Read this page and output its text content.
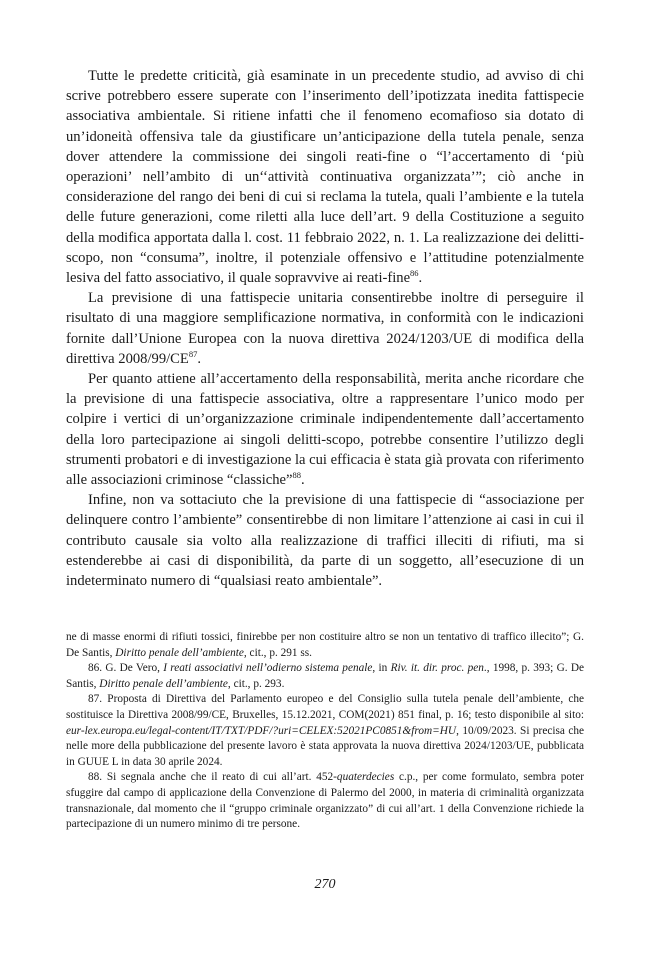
Tutte le predette criticità, già esaminate in un precedente studio, ad avviso di chi scrive potrebbero essere superate con l’inserimento dell’ipotizzata inedita fattispecie associativa ambientale. Si ritiene infatti che il fenomeno ecomafioso sia dotato di un’idoneità offensiva tale da giustificare un’anticipazione della tutela penale, senza dover attendere la commissione dei singoli reati-fine o “l’accertamento di ‘più operazioni’ nell’ambito di un‘‘attività continuativa organizzata’”; ciò anche in considerazione del rango dei beni di cui si reclama la tutela, quali l’ambiente e la tutela delle future generazioni, come riletti alla luce dell’art. 9 della Costituzione a seguito della modifica apportata dalla l. cost. 11 febbraio 2022, n. 1. La realizzazione dei delitti-scopo, non “consuma”, inoltre, il potenziale offensivo e l’attitudine potenzialmente lesiva del fatto associativo, il quale sopravvive ai reati-fine$^{86}$.

La previsione di una fattispecie unitaria consentirebbe inoltre di perseguire il risultato di una maggiore semplificazione normativa, in conformità con le indicazioni fornite dall’Unione Europea con la nuova direttiva 2024/1203/UE di modifica della direttiva 2008/99/CE$^{87}$.

Per quanto attiene all’accertamento della responsabilità, merita anche ricordare che la previsione di una fattispecie associativa, oltre a rappresentare l’unico modo per colpire i vertici di un’organizzazione criminale indipendentemente dall’accertamento della loro partecipazione ai singoli delitti-scopo, potrebbe consentire l’utilizzo degli strumenti probatori e di investigazione la cui efficacia è stata già provata con riferimento alle associazioni criminose “classiche”$^{88}$.

Infine, non va sottaciuto che la previsione di una fattispecie di “associazione per delinquere contro l’ambiente” consentirebbe di non limitare l’attenzione ai casi in cui il contributo causale sia volto alla realizzazione di traffici illeciti di rifiuti, ma si estenderebbe ai casi di disponibilità, da parte di un soggetto, all’esecuzione di un indeterminato numero di “qualsiasi reato ambientale”.

ne di masse enormi di rifiuti tossici, finirebbe per non costituire altro se non un tentativo di traffico illecito”; G. De Santis, Diritto penale dell’ambiente, cit., p. 291 ss.

86. G. De Vero, I reati associativi nell’odierno sistema penale, in Riv. it. dir. proc. pen., 1998, p. 393; G. De Santis, Diritto penale dell’ambiente, cit., p. 293.

87. Proposta di Direttiva del Parlamento europeo e del Consiglio sulla tutela penale dell’ambiente, che sostituisce la Direttiva 2008/99/CE, Bruxelles, 15.12.2021, COM(2021) 851 final, p. 16; testo disponibile al sito: eur-lex.europa.eu/legal-content/IT/TXT/PDF/?uri=CELEX:52021PC0851&from=HU, 10/09/2023. Si precisa che nelle more della pubblicazione del presente lavoro è stata approvata la nuova direttiva 2024/1203/UE, pubblicata in GUUE L in data 30 aprile 2024.

88. Si segnala anche che il reato di cui all’art. 452-quaterdecies c.p., per come formulato, sembra poter sfuggire dal campo di applicazione della Convenzione di Palermo del 2000, in materia di criminalità organizzata transnazionale, dal momento che il “gruppo criminale organizzato” di cui all’art. 1 della Convenzione richiede la partecipazione di un numero minimo di tre persone.

270
